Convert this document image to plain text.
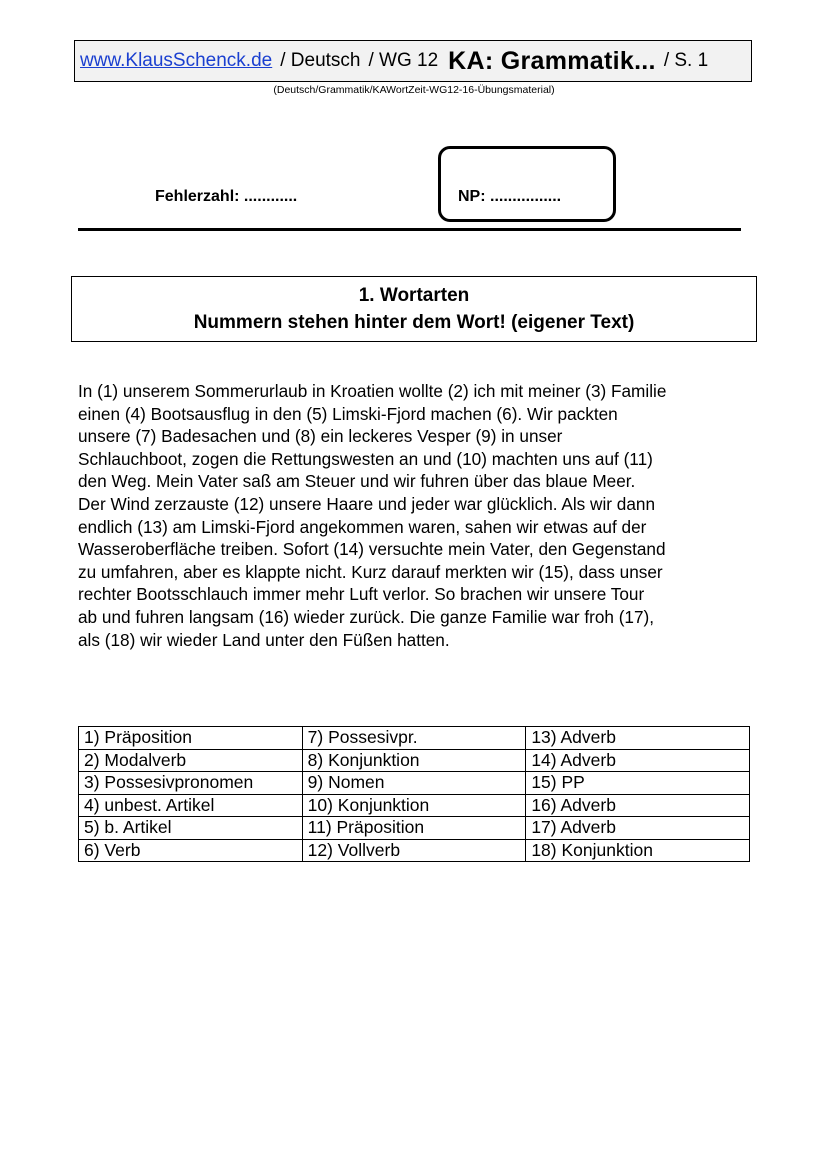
www.KlausSchenck.de / Deutsch / WG 12 KA: Grammatik... / S. 1
(Deutsch/Grammatik/KAWortZeit-WG12-16-Übungsmaterial)
Fehlerzahl: ............	NP: ................
1. Wortarten
Nummern stehen hinter dem Wort! (eigener Text)
In (1) unserem Sommerurlaub in Kroatien wollte (2) ich mit meiner (3) Familie
einen (4) Bootsausflug in den (5) Limski-Fjord machen (6). Wir packten
unsere (7) Badesachen und (8) ein leckeres Vesper (9) in unser
Schlauchboot, zogen die Rettungswesten an und (10) machten uns auf (11)
den Weg. Mein Vater saß am Steuer und wir fuhren über das blaue Meer.
Der Wind zerzauste (12) unsere Haare und jeder war glücklich. Als wir dann
endlich (13) am Limski-Fjord angekommen waren, sahen wir etwas auf der
Wasseroberfläche treiben. Sofort (14) versuchte mein Vater, den Gegenstand
zu umfahren, aber es klappte nicht. Kurz darauf merkten wir (15), dass unser
rechter Bootsschlauch immer mehr Luft verlor. So brachen wir unsere Tour
ab und fuhren langsam (16) wieder zurück. Die ganze Familie war froh (17),
als (18) wir wieder Land unter den Füßen hatten.
1) Präposition	7) Possesivpr.	13) Adverb
2) Modalverb	8) Konjunktion	14) Adverb
3) Possesivpronomen	9) Nomen	15) PP
4) unbest. Artikel	10) Konjunktion	16) Adverb
5) b. Artikel	11) Präposition	17) Adverb
6) Verb	12) Vollverb	18) Konjunktion
